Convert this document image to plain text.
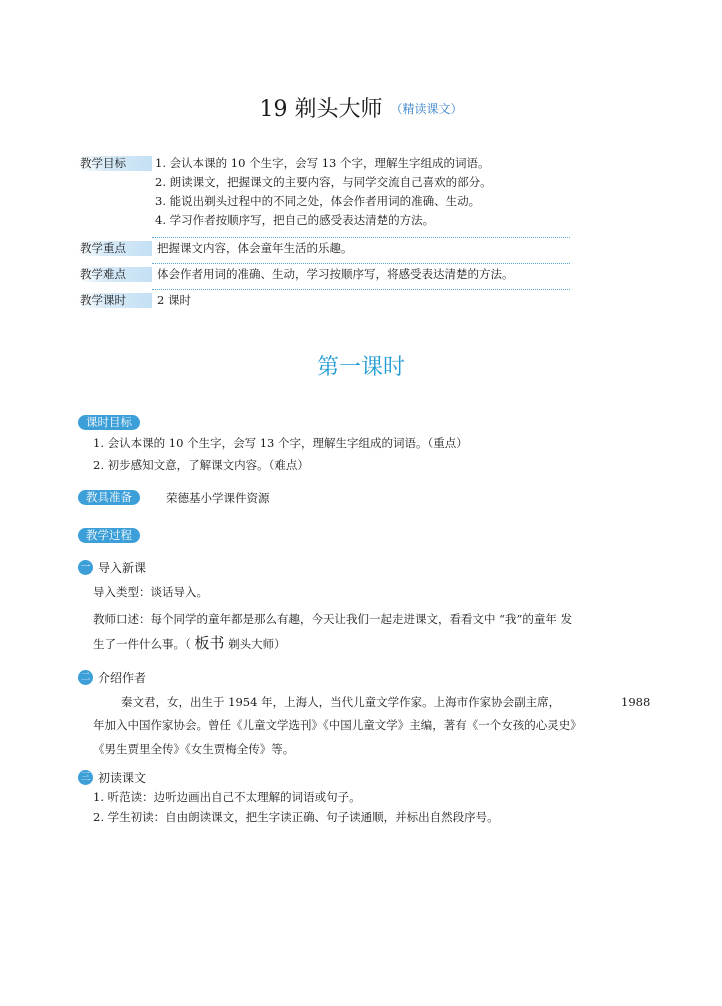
19 剃头大师 （精读课文）
教学目标	1. 会认本课的 10 个生字，会写 13 个字，理解生字组成的词语。
2. 朗读课文，把握课文的主要内容，与同学交流自己喜欢的部分。
3. 能说出剃头过程中的不同之处，体会作者用词的准确、生动。
4. 学习作者按顺序写，把自己的感受表达清楚的方法。
教学重点	把握课文内容，体会童年生活的乐趣。
教学难点	体会作者用词的准确、生动，学习按顺序写，将感受表达清楚的方法。
教学课时	2 课时
第一课时
课时目标
1. 会认本课的 10 个生字，会写 13 个字，理解生字组成的词语。（重点）
2. 初步感知文意，了解课文内容。（难点）
教具准备	荣德基小学课件资源
教学过程
一 导入新课
导入类型：谈话导入。
教师口述：每个同学的童年都是那么有趣，今天让我们一起走进课文，看看文中 “我”的童年 发
生了一件什么事。（ 板书 剃头大师）
二 介绍作者
秦文君，女，出生于 1954 年，上海人，当代儿童文学作家。上海市作家协会副主席，	1988
年加入中国作家协会。曾任《儿童文学选刊》《中国儿童文学》主编，著有《一个女孩的心灵史》
《男生贾里全传》《女生贾梅全传》等。
三 初读课文
1. 听范读：边听边画出自己不太理解的词语或句子。
2. 学生初读：自由朗读课文，把生字读正确、句子读通顺，并标出自然段序号。
